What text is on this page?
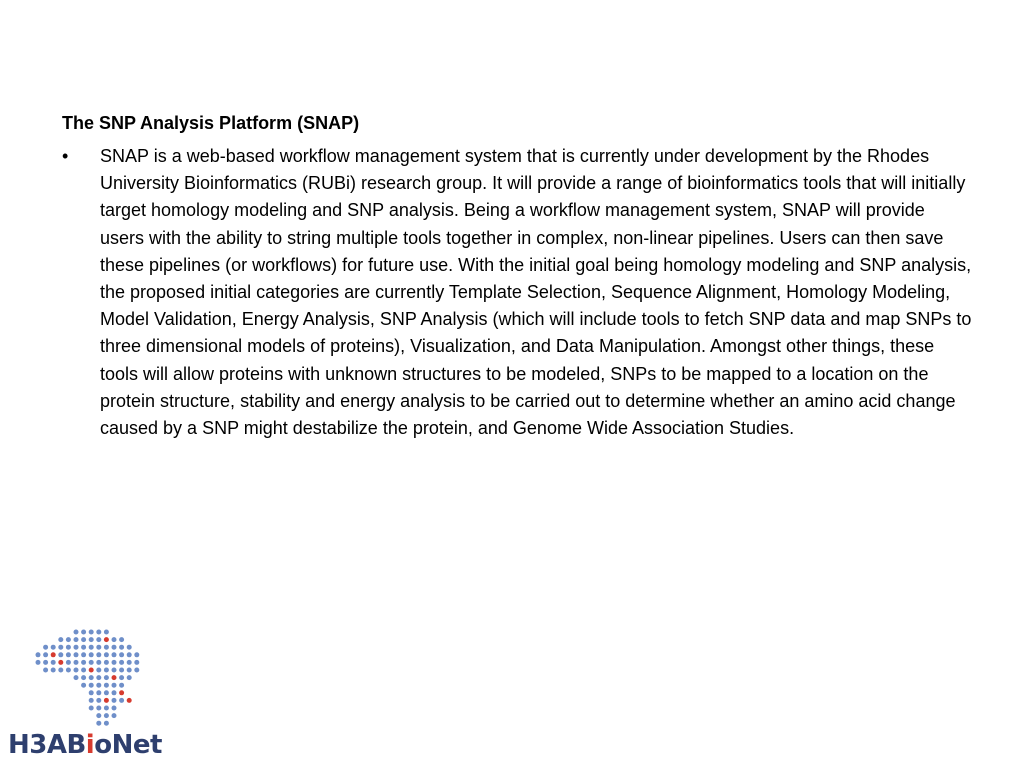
The SNP Analysis Platform (SNAP)
• SNAP is a web-based workflow management system that is currently under development by the Rhodes University Bioinformatics (RUBi) research group. It will provide a range of bioinformatics tools that will initially target homology modeling and SNP analysis. Being a workflow management system, SNAP will provide users with the ability to string multiple tools together in complex, non-linear pipelines. Users can then save these pipelines (or workflows) for future use. With the initial goal being homology modeling and SNP analysis, the proposed initial categories are currently Template Selection, Sequence Alignment, Homology Modeling, Model Validation, Energy Analysis, SNP Analysis (which will include tools to fetch SNP data and map SNPs to three dimensional models of proteins), Visualization, and Data Manipulation. Amongst other things, these tools will allow proteins with unknown structures to be modeled, SNPs to be mapped to a location on the protein structure, stability and energy analysis to be carried out to determine whether an amino acid change caused by a SNP might destabilize the protein, and Genome Wide Association Studies.
H3ABioNet
